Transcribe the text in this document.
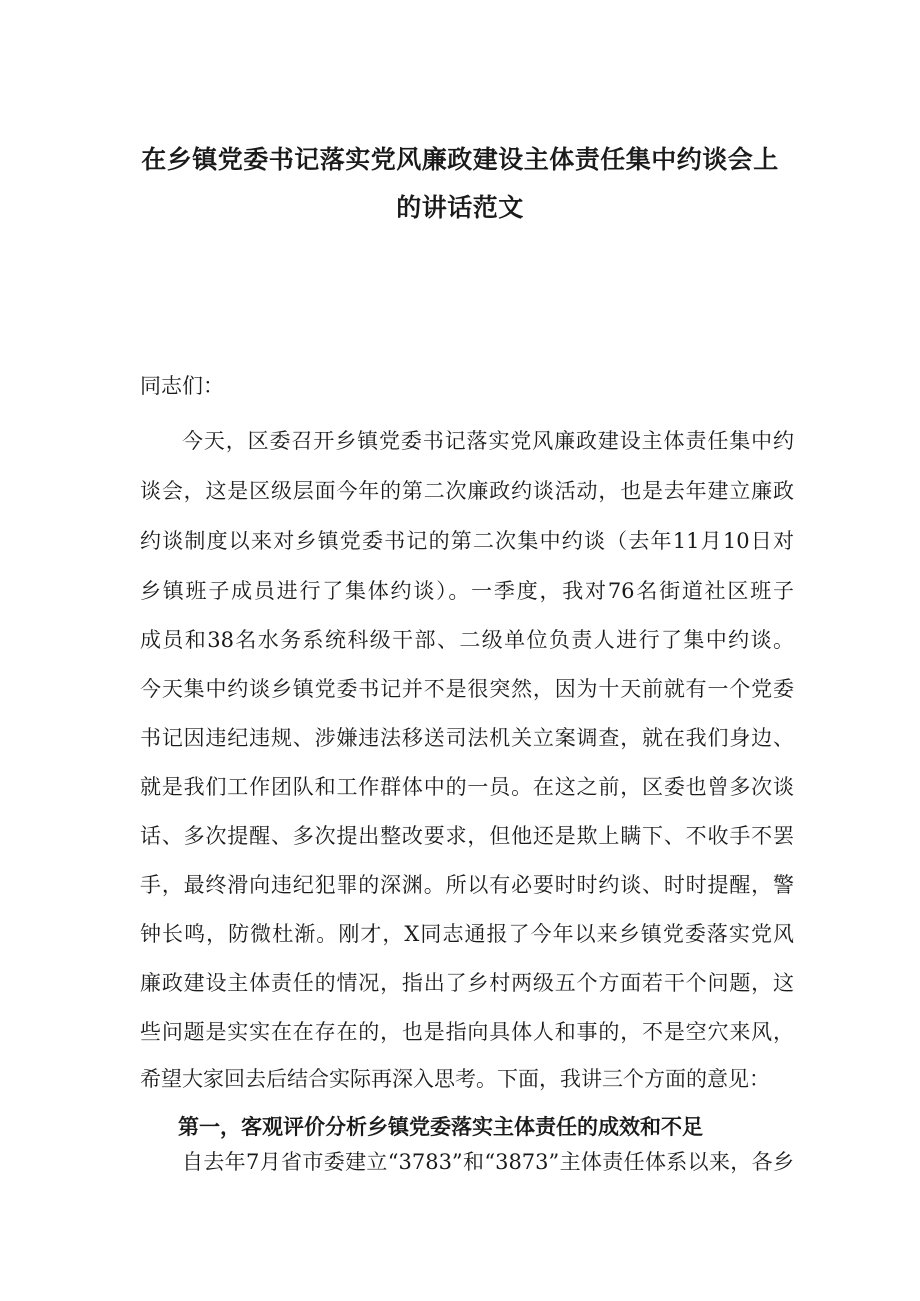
在乡镇党委书记落实党风廉政建设主体责任集中约谈会上
的讲话范文
同志们：
今天，区委召开乡镇党委书记落实党风廉政建设主体责任集中约
谈会，这是区级层面今年的第二次廉政约谈活动，也是去年建立廉政
约谈制度以来对乡镇党委书记的第二次集中约谈（去年11月10日对
乡镇班子成员进行了集体约谈）。一季度，我对76名街道社区班子
成员和38名水务系统科级干部、二级单位负责人进行了集中约谈。
今天集中约谈乡镇党委书记并不是很突然，因为十天前就有一个党委
书记因违纪违规、涉嫌违法移送司法机关立案调查，就在我们身边、
就是我们工作团队和工作群体中的一员。在这之前，区委也曾多次谈
话、多次提醒、多次提出整改要求，但他还是欺上瞒下、不收手不罢
手，最终滑向违纪犯罪的深渊。所以有必要时时约谈、时时提醒，警
钟长鸣，防微杜渐。刚才，X同志通报了今年以来乡镇党委落实党风
廉政建设主体责任的情况，指出了乡村两级五个方面若干个问题，这
些问题是实实在在存在的，也是指向具体人和事的，不是空穴来风，
希望大家回去后结合实际再深入思考。下面，我讲三个方面的意见：
第一，客观评价分析乡镇党委落实主体责任的成效和不足
自去年7月省市委建立“3783”和“3873”主体责任体系以来，各乡
